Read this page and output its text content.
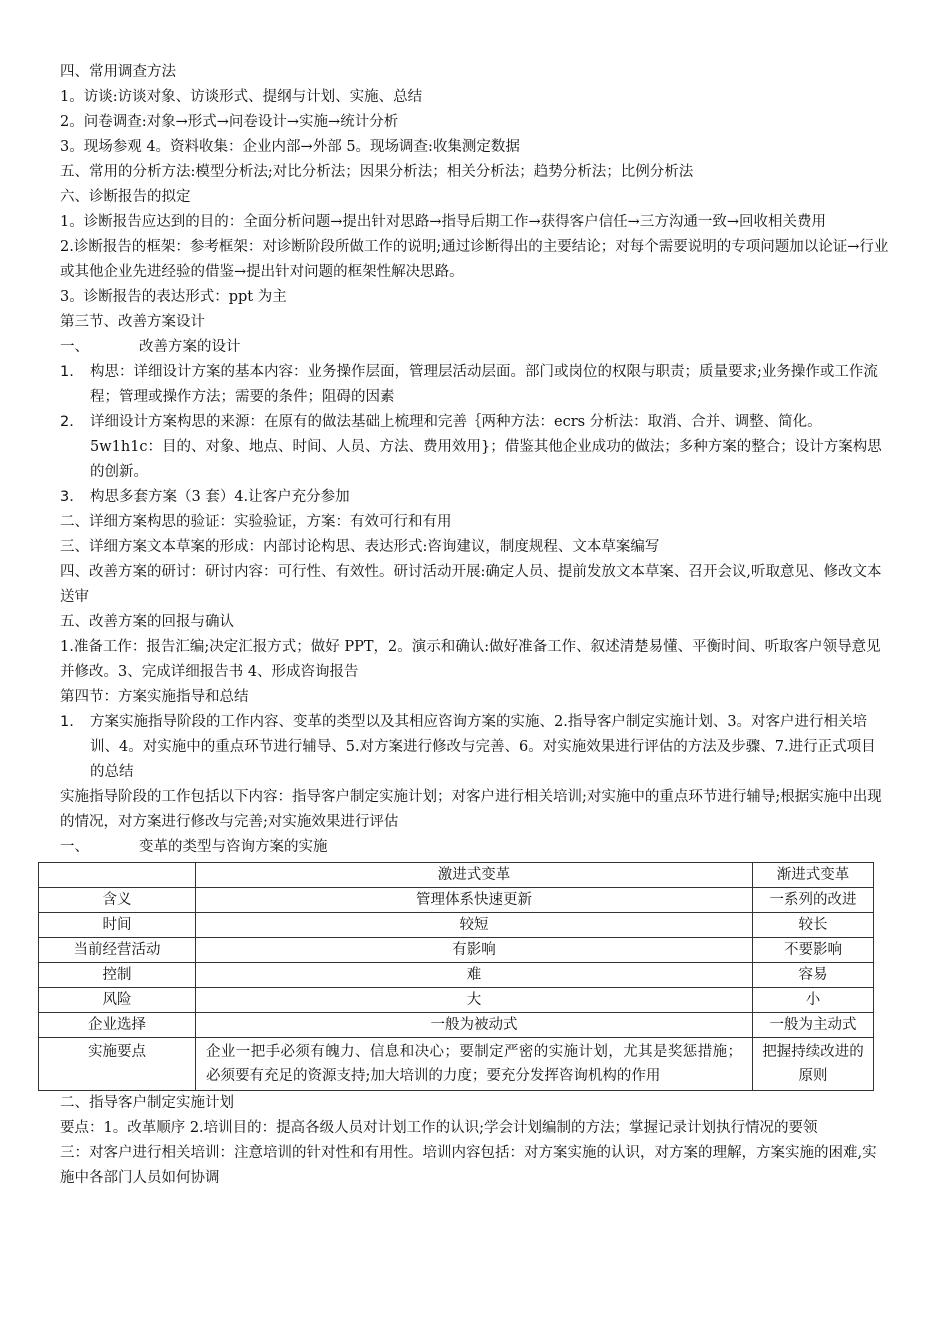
四、常用调查方法

1。访谈:访谈对象、访谈形式、提纲与计划、实施、总结

2。问卷调查:对象→形式→问卷设计→实施→统计分析

3。现场参观 4。资料收集：企业内部→外部 5。现场调查:收集测定数据

五、常用的分析方法:模型分析法;对比分析法；因果分析法；相关分析法；趋势分析法；比例分析法

六、诊断报告的拟定

1。诊断报告应达到的目的：全面分析问题→提出针对思路→指导后期工作→获得客户信任→三方沟通一致→回收相关费用

2.诊断报告的框架：参考框架：对诊断阶段所做工作的说明;通过诊断得出的主要结论；对每个需要说明的专项问题加以论证→行业或其他企业先进经验的借鉴→提出针对问题的框架性解决思路。

3。诊断报告的表达形式：ppt 为主

第三节、改善方案设计

一、	改善方案的设计

1. 构思：详细设计方案的基本内容：业务操作层面，管理层活动层面。部门或岗位的权限与职责；质量要求;业务操作或工作流程；管理或操作方法；需要的条件；阻碍的因素
2. 详细设计方案构思的来源：在原有的做法基础上梳理和完善｛两种方法：ecrs 分析法：取消、合并、调整、简化。5w1h1c：目的、对象、地点、时间、人员、方法、费用效用}；借鉴其他企业成功的做法；多种方案的整合；设计方案构思的创新。
3. 构思多套方案（3 套）4.让客户充分参加

二、详细方案构思的验证：实验验证，方案：有效可行和有用

三、详细方案文本草案的形成：内部讨论构思、表达形式:咨询建议，制度规程、文本草案编写

四、改善方案的研讨：研讨内容：可行性、有效性。研讨活动开展:确定人员、提前发放文本草案、召开会议,听取意见、修改文本送审

五、改善方案的回报与确认

1.准备工作：报告汇编;决定汇报方式；做好 PPT，2。演示和确认:做好准备工作、叙述清楚易懂、平衡时间、听取客户领导意见并修改。3、完成详细报告书 4、形成咨询报告

第四节：方案实施指导和总结

1. 方案实施指导阶段的工作内容、变革的类型以及其相应咨询方案的实施、2.指导客户制定实施计划、3。对客户进行相关培训、4。对实施中的重点环节进行辅导、5.对方案进行修改与完善、6。对实施效果进行评估的方法及步骤、7.进行正式项目的总结

实施指导阶段的工作包括以下内容：指导客户制定实施计划；对客户进行相关培训;对实施中的重点环节进行辅导;根据实施中出现的情况，对方案进行修改与完善;对实施效果进行评估

一、	变革的类型与咨询方案的实施

	激进式变革	渐进式变革
含义	管理体系快速更新	一系列的改进
时间	较短	较长
当前经营活动	有影响	不要影响
控制	难	容易
风险	大	小
企业选择	一般为被动式	一般为主动式
实施要点	企业一把手必须有魄力、信息和决心；要制定严密的实施计划，尤其是奖惩措施；必须要有充足的资源支持;加大培训的力度；要充分发挥咨询机构的作用	把握持续改进的原则

二、指导客户制定实施计划

要点：1。改革顺序 2.培训目的：提高各级人员对计划工作的认识;学会计划编制的方法；掌握记录计划执行情况的要领

三：对客户进行相关培训：注意培训的针对性和有用性。培训内容包括：对方案实施的认识，对方案的理解，方案实施的困难,实施中各部门人员如何协调
